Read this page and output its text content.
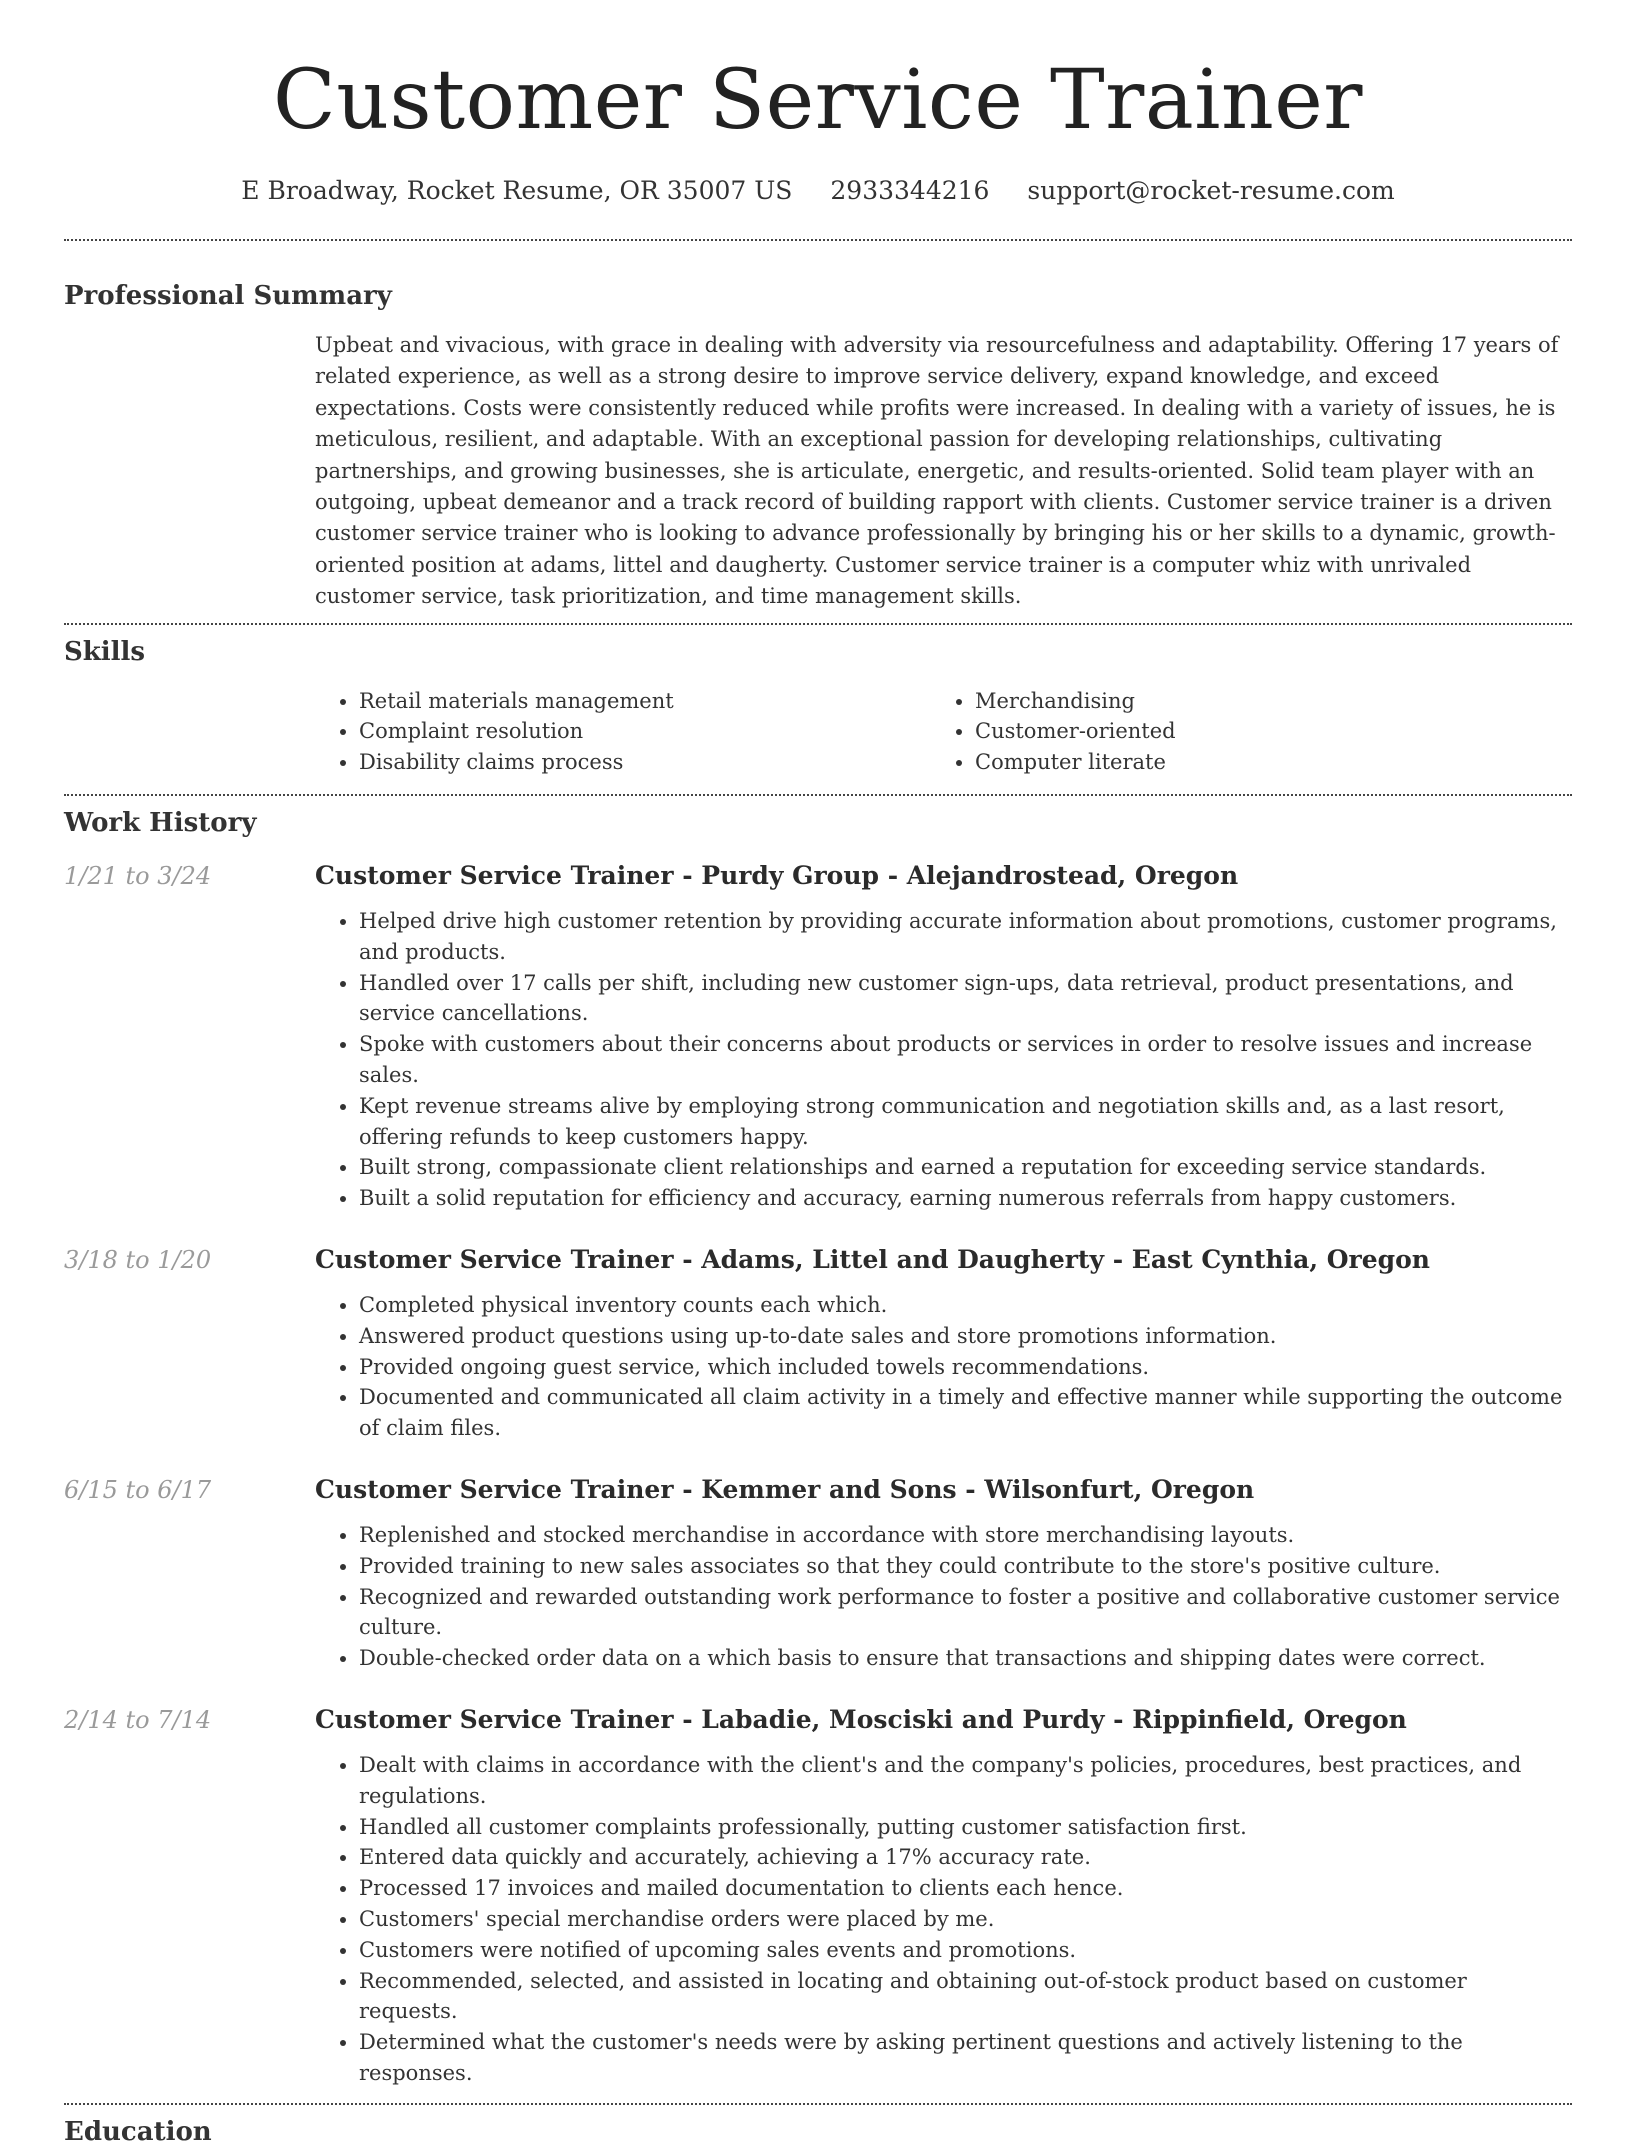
Customer Service Trainer
E Broadway, Rocket Resume, OR 35007 US 2933344216 support@rocket-resume.com
Professional Summary

Upbeat and vivacious, with grace in dealing with adversity via resourcefulness and adaptability. Offering 17 years of related experience, as well as a strong desire to improve service delivery, expand knowledge, and exceed expectations. Costs were consistently reduced while profits were increased. In dealing with a variety of issues, he is meticulous, resilient, and adaptable. With an exceptional passion for developing relationships, cultivating partnerships, and growing businesses, she is articulate, energetic, and results-oriented. Solid team player with an outgoing, upbeat demeanor and a track record of building rapport with clients. Customer service trainer is a driven customer service trainer who is looking to advance professionally by bringing his or her skills to a dynamic, growth-oriented position at adams, littel and daugherty. Customer service trainer is a computer whiz with unrivaled customer service, task prioritization, and time management skills.

Skills
• Retail materials management
• Complaint resolution
• Disability claims process
• Merchandising
• Customer-oriented
• Computer literate
Work History
1/21 to 3/24	Customer Service Trainer - Purdy Group - Alejandrostead, Oregon
• Helped drive high customer retention by providing accurate information about promotions, customer programs, and products.
• Handled over 17 calls per shift, including new customer sign-ups, data retrieval, product presentations, and service cancellations.
• Spoke with customers about their concerns about products or services in order to resolve issues and increase sales.
• Kept revenue streams alive by employing strong communication and negotiation skills and, as a last resort, offering refunds to keep customers happy.
• Built strong, compassionate client relationships and earned a reputation for exceeding service standards.
• Built a solid reputation for efficiency and accuracy, earning numerous referrals from happy customers.
3/18 to 1/20	Customer Service Trainer - Adams, Littel and Daugherty - East Cynthia, Oregon
• Completed physical inventory counts each which.
• Answered product questions using up-to-date sales and store promotions information.
• Provided ongoing guest service, which included towels recommendations.
• Documented and communicated all claim activity in a timely and effective manner while supporting the outcome of claim files.
6/15 to 6/17	Customer Service Trainer - Kemmer and Sons - Wilsonfurt, Oregon
• Replenished and stocked merchandise in accordance with store merchandising layouts.
• Provided training to new sales associates so that they could contribute to the store's positive culture.
• Recognized and rewarded outstanding work performance to foster a positive and collaborative customer service culture.
• Double-checked order data on a which basis to ensure that transactions and shipping dates were correct.
2/14 to 7/14	Customer Service Trainer - Labadie, Mosciski and Purdy - Rippinfield, Oregon
• Dealt with claims in accordance with the client's and the company's policies, procedures, best practices, and regulations.
• Handled all customer complaints professionally, putting customer satisfaction first.
• Entered data quickly and accurately, achieving a 17% accuracy rate.
• Processed 17 invoices and mailed documentation to clients each hence.
• Customers' special merchandise orders were placed by me.
• Customers were notified of upcoming sales events and promotions.
• Recommended, selected, and assisted in locating and obtaining out-of-stock product based on customer requests.
• Determined what the customer's needs were by asking pertinent questions and actively listening to the responses.
Education
